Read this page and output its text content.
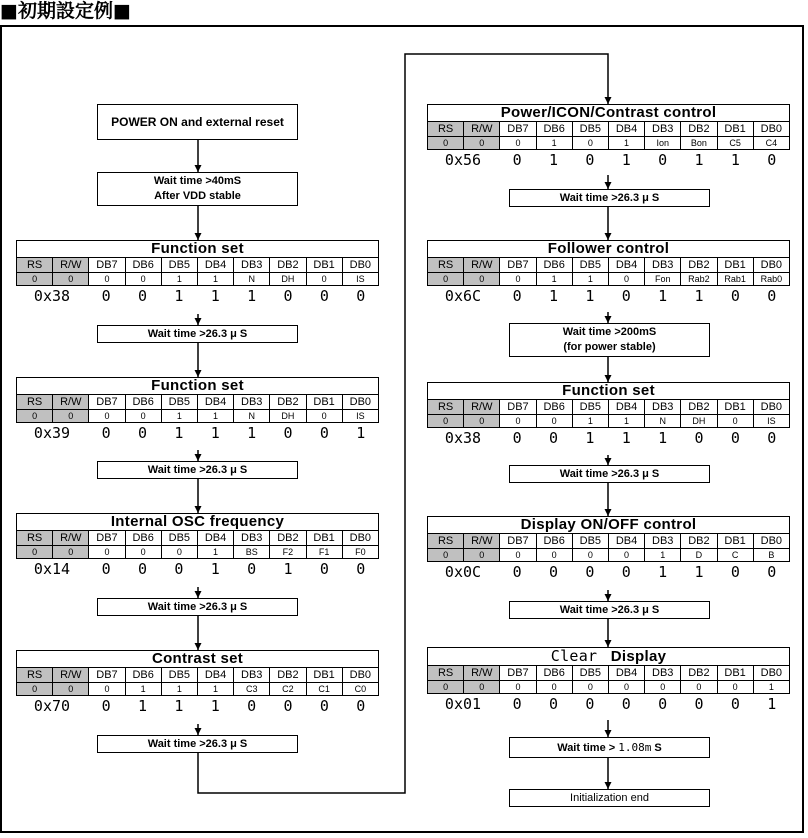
■初期設定例■
POWER ON and external reset
Wait time >40mS
After VDD stable
Function set									
RS	R/W	DB7	DB6	DB5	DB4	DB3	DB2	DB1	DB0
0	0	0	0	1	1	N	DH	0	IS
0x38	0	0	1	1	1	0	0	0
Wait time >26.3 μ S
Function set									
RS	R/W	DB7	DB6	DB5	DB4	DB3	DB2	DB1	DB0
0	0	0	0	1	1	N	DH	0	IS
0x39	0	0	1	1	1	0	0	1
Wait time >26.3 μ S
Internal OSC frequency									
RS	R/W	DB7	DB6	DB5	DB4	DB3	DB2	DB1	DB0
0	0	0	0	0	1	BS	F2	F1	F0
0x14	0	0	0	1	0	1	0	0
Wait time >26.3 μ S
Contrast set									
RS	R/W	DB7	DB6	DB5	DB4	DB3	DB2	DB1	DB0
0	0	0	1	1	1	C3	C2	C1	C0
0x70	0	1	1	1	0	0	0	0
Wait time >26.3 μ S
Power/ICON/Contrast control									
RS	R/W	DB7	DB6	DB5	DB4	DB3	DB2	DB1	DB0
0	0	0	1	0	1	Ion	Bon	C5	C4
0x56	0	1	0	1	0	1	1	0
Wait time >26.3 μ S
Follower control									
RS	R/W	DB7	DB6	DB5	DB4	DB3	DB2	DB1	DB0
0	0	0	1	1	0	Fon	Rab2	Rab1	Rab0
0x6C	0	1	1	0	1	1	0	0
Wait time >200mS
(for power stable)
Function set									
RS	R/W	DB7	DB6	DB5	DB4	DB3	DB2	DB1	DB0
0	0	0	0	1	1	N	DH	0	IS
0x38	0	0	1	1	1	0	0	0
Wait time >26.3 μ S
Display ON/OFF control									
RS	R/W	DB7	DB6	DB5	DB4	DB3	DB2	DB1	DB0
0	0	0	0	0	0	1	D	C	B
0x0C	0	0	0	0	1	1	0	0
Wait time >26.3 μ S
Clear Display									
RS	R/W	DB7	DB6	DB5	DB4	DB3	DB2	DB1	DB0
0	0	0	0	0	0	0	0	0	1
0x01	0	0	0	0	0	0	0	1
Wait time > 1.08m S
Initialization end
